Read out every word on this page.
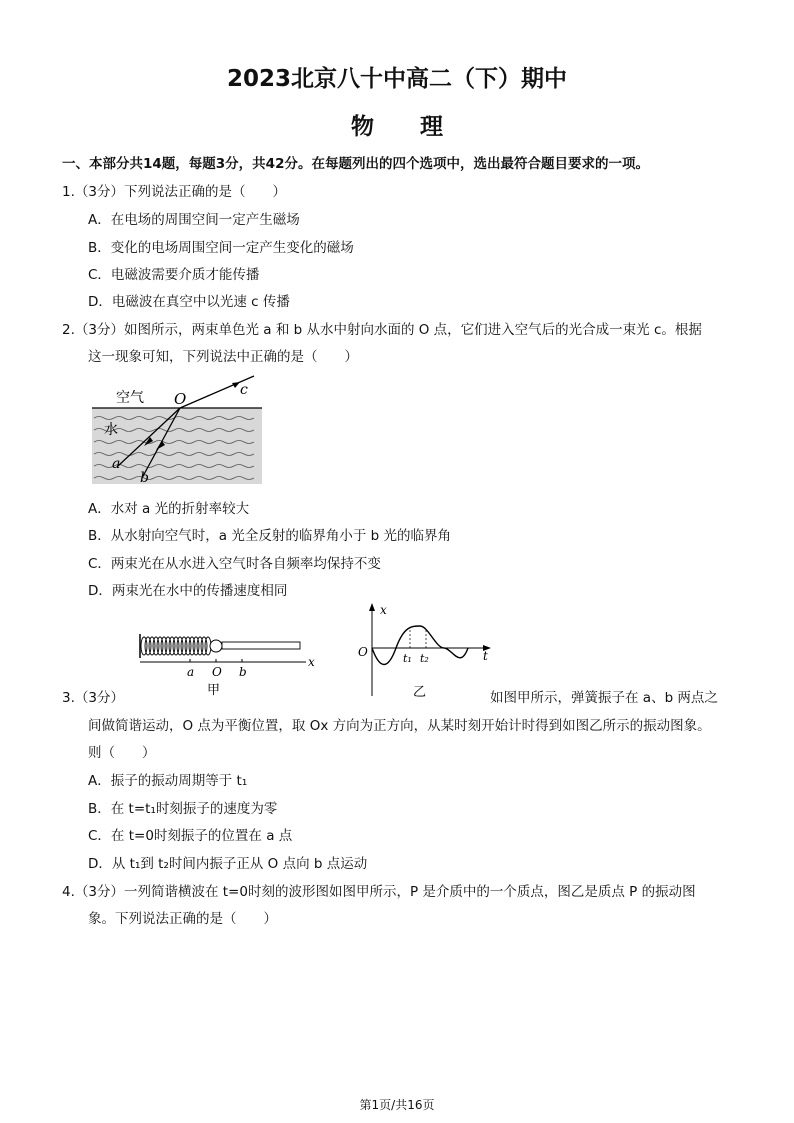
2023北京八十中高二（下）期中
物理
一、本部分共14题，每题3分，共42分。在每题列出的四个选项中，选出最符合题目要求的一项。
1.（3分）下列说法正确的是（　　）
A．在电场的周围空间一定产生磁场
B．变化的电场周围空间一定产生变化的磁场
C．电磁波需要介质才能传播
D．电磁波在真空中以光速 c 传播
2.（3分）如图所示，两束单色光 a 和 b 从水中射向水面的 O 点，它们进入空气后的光合成一束光 c。根据
这一现象可知，下列说法中正确的是（　　）
空气
水
O	c
a
b
A．水对 a 光的折射率较大
B．从水射向空气时，a 光全反射的临界角小于 b 光的临界角
C．两束光在从水进入空气时各自频率均保持不变
D．两束光在水中的传播速度相同
a O b
x
甲
x
O	t₁ t₂	t
乙
3.（3分）	如图甲所示，弹簧振子在 a、b 两点之
间做简谐运动，O 点为平衡位置，取 Ox 方向为正方向，从某时刻开始计时得到如图乙所示的振动图象。
则（　　）
A．振子的振动周期等于 t₁
B．在 t=t₁时刻振子的速度为零
C．在 t=0时刻振子的位置在 a 点
D．从 t₁到 t₂时间内振子正从 O 点向 b 点运动
4.（3分）一列简谐横波在 t=0时刻的波形图如图甲所示，P 是介质中的一个质点，图乙是质点 P 的振动图
象。下列说法正确的是（　　）
第1页/共16页
